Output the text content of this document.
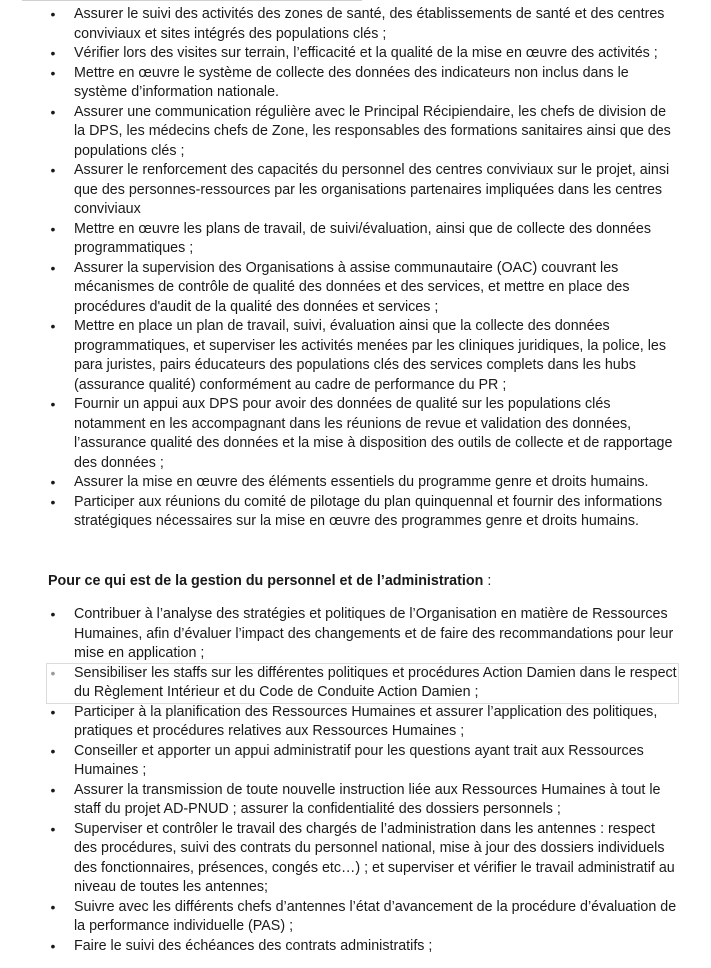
• Assurer le suivi des activités des zones de santé, des établissements de santé et des centres conviviaux et sites intégrés des populations clés ;
• Vérifier lors des visites sur terrain, l’efficacité et la qualité de la mise en œuvre des activités ;
• Mettre en œuvre le système de collecte des données des indicateurs non inclus dans le système d’information nationale.
• Assurer une communication régulière avec le Principal Récipiendaire, les chefs de division de la DPS, les médecins chefs de Zone, les responsables des formations sanitaires ainsi que des populations clés ;
• Assurer le renforcement des capacités du personnel des centres conviviaux sur le projet, ainsi que des personnes-ressources par les organisations partenaires impliquées dans les centres conviviaux
• Mettre en œuvre les plans de travail, de suivi/évaluation, ainsi que de collecte des données programmatiques ;
• Assurer la supervision des Organisations à assise communautaire (OAC) couvrant les mécanismes de contrôle de qualité des données et des services, et mettre en place des procédures d'audit de la qualité des données et services ;
• Mettre en place un plan de travail, suivi, évaluation ainsi que la collecte des données programmatiques, et superviser les activités menées par les cliniques juridiques, la police, les para juristes, pairs éducateurs des populations clés des services complets dans les hubs (assurance qualité) conformément au cadre de performance du PR ;
• Fournir un appui aux DPS pour avoir des données de qualité sur les populations clés notamment en les accompagnant dans les réunions de revue et validation des données, l’assurance qualité des données et la mise à disposition des outils de collecte et de rapportage des données ;
• Assurer la mise en œuvre des éléments essentiels du programme genre et droits humains.
• Participer aux réunions du comité de pilotage du plan quinquennal et fournir des informations stratégiques nécessaires sur la mise en œuvre des programmes genre et droits humains.

Pour ce qui est de la gestion du personnel et de l’administration :

• Contribuer à l’analyse des stratégies et politiques de l’Organisation en matière de Ressources Humaines, afin d’évaluer l’impact des changements et de faire des recommandations pour leur mise en application ;
• Sensibiliser les staffs sur les différentes politiques et procédures Action Damien dans le respect du Règlement Intérieur et du Code de Conduite Action Damien ;
• Participer à la planification des Ressources Humaines et assurer l’application des politiques, pratiques et procédures relatives aux Ressources Humaines ;
• Conseiller et apporter un appui administratif pour les questions ayant trait aux Ressources Humaines ;
• Assurer la transmission de toute nouvelle instruction liée aux Ressources Humaines à tout le staff du projet AD-PNUD ; assurer la confidentialité des dossiers personnels ;
• Superviser et contrôler le travail des chargés de l’administration dans les antennes : respect des procédures, suivi des contrats du personnel national, mise à jour des dossiers individuels des fonctionnaires, présences, congés etc…) ; et superviser et vérifier le travail administratif au niveau de toutes les antennes;
• Suivre avec les différents chefs d’antennes l’état d’avancement de la procédure d’évaluation de la performance individuelle (PAS) ;
• Faire le suivi des échéances des contrats administratifs ;
